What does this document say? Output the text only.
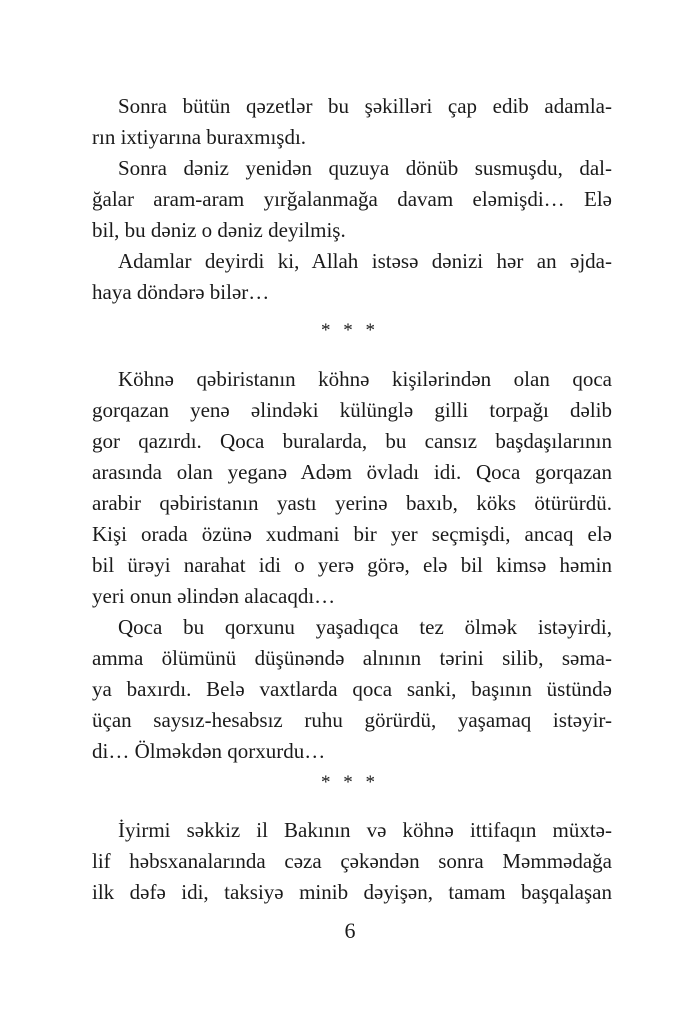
Sonra bütün qəzetlər bu şəkilləri çap edib adamla-
rın ixtiyarına buraxmışdı.
Sonra dəniz yenidən quzuya dönüb susmuşdu, dal-
ğalar aram-aram yırğalanmağa davam eləmişdi… Elə
bil, bu dəniz o dəniz deyilmiş.
Adamlar deyirdi ki, Allah istəsə dənizi hər an əjda-
haya döndərə bilər…
* * *
Köhnə qəbiristanın köhnə kişilərindən olan qoca
gorqazan yenə əlindəki külünglə gilli torpağı dəlib
gor qazırdı. Qoca buralarda, bu cansız başdaşılarının
arasında olan yeganə Adəm övladı idi. Qoca gorqazan
arabir qəbiristanın yastı yerinə baxıb, köks ötürürdü.
Kişi orada özünə xudmani bir yer seçmişdi, ancaq elə
bil ürəyi narahat idi o yerə görə, elə bil kimsə həmin
yeri onun əlindən alacaqdı…
Qoca bu qorxunu yaşadıqca tez ölmək istəyirdi,
amma ölümünü düşünəndə alnının tərini silib, səma-
ya baxırdı. Belə vaxtlarda qoca sanki, başının üstündə
üçan saysız-hesabsız ruhu görürdü, yaşamaq istəyir-
di… Ölməkdən qorxurdu…
* * *
İyirmi səkkiz il Bakının və köhnə ittifaqın müxtə-
lif həbsxanalarında cəza çəkəndən sonra Məmmədağa
ilk dəfə idi, taksiyə minib dəyişən, tamam başqalaşan
6
